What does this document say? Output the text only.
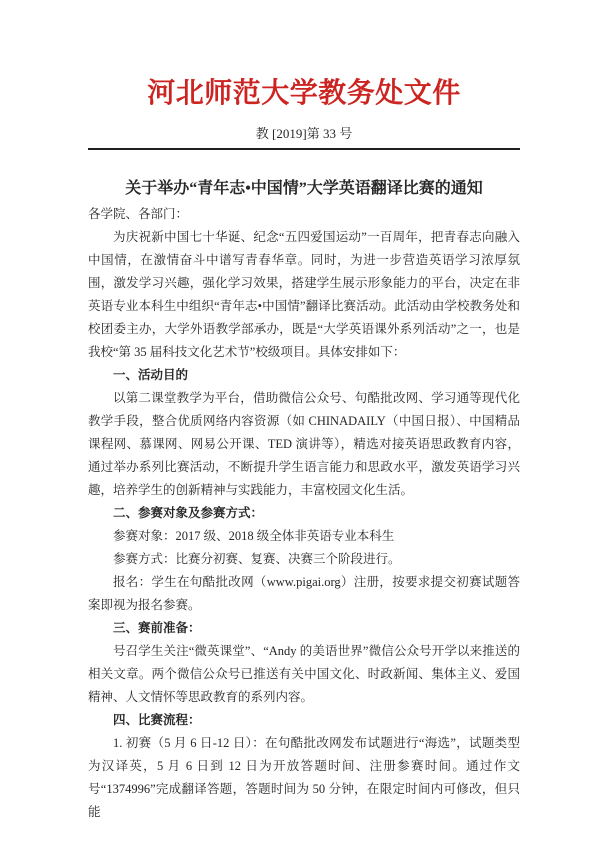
河北师范大学教务处文件
教 [2019]第 33 号
关于举办“青年志•中国情”大学英语翻译比赛的通知

各学院、各部门：

为庆祝新中国七十华诞、纪念“五四爱国运动”一百周年，把青春志向融入中国情，在激情奋斗中谱写青春华章。同时，为进一步营造英语学习浓厚氛围，激发学习兴趣，强化学习效果，搭建学生展示形象能力的平台，决定在非英语专业本科生中组织“青年志•中国情”翻译比赛活动。此活动由学校教务处和校团委主办，大学外语教学部承办，既是“大学英语课外系列活动”之一，也是我校“第 35 届科技文化艺术节”校级项目。具体安排如下：

一、活动目的

以第二课堂教学为平台，借助微信公众号、句酷批改网、学习通等现代化教学手段，整合优质网络内容资源（如 CHINADAILY（中国日报）、中国精品课程网、慕课网、网易公开课、TED 演讲等），精选对接英语思政教育内容，通过举办系列比赛活动，不断提升学生语言能力和思政水平，激发英语学习兴趣，培养学生的创新精神与实践能力，丰富校园文化生活。

二、参赛对象及参赛方式：

参赛对象：2017 级、2018 级全体非英语专业本科生

参赛方式：比赛分初赛、复赛、决赛三个阶段进行。

报名：学生在句酷批改网（www.pigai.org）注册，按要求提交初赛试题答案即视为报名参赛。

三、赛前准备：

号召学生关注“微英课堂”、“Andy 的美语世界”微信公众号开学以来推送的相关文章。两个微信公众号已推送有关中国文化、时政新闻、集体主义、爱国精神、人文情怀等思政教育的系列内容。

四、比赛流程：

1. 初赛（5 月 6 日-12 日）：在句酷批改网发布试题进行“海选”，试题类型为汉译英，5 月 6 日到 12 日为开放答题时间、注册参赛时间。通过作文号“1374996”完成翻译答题，答题时间为 50 分钟，在限定时间内可修改，但只能
